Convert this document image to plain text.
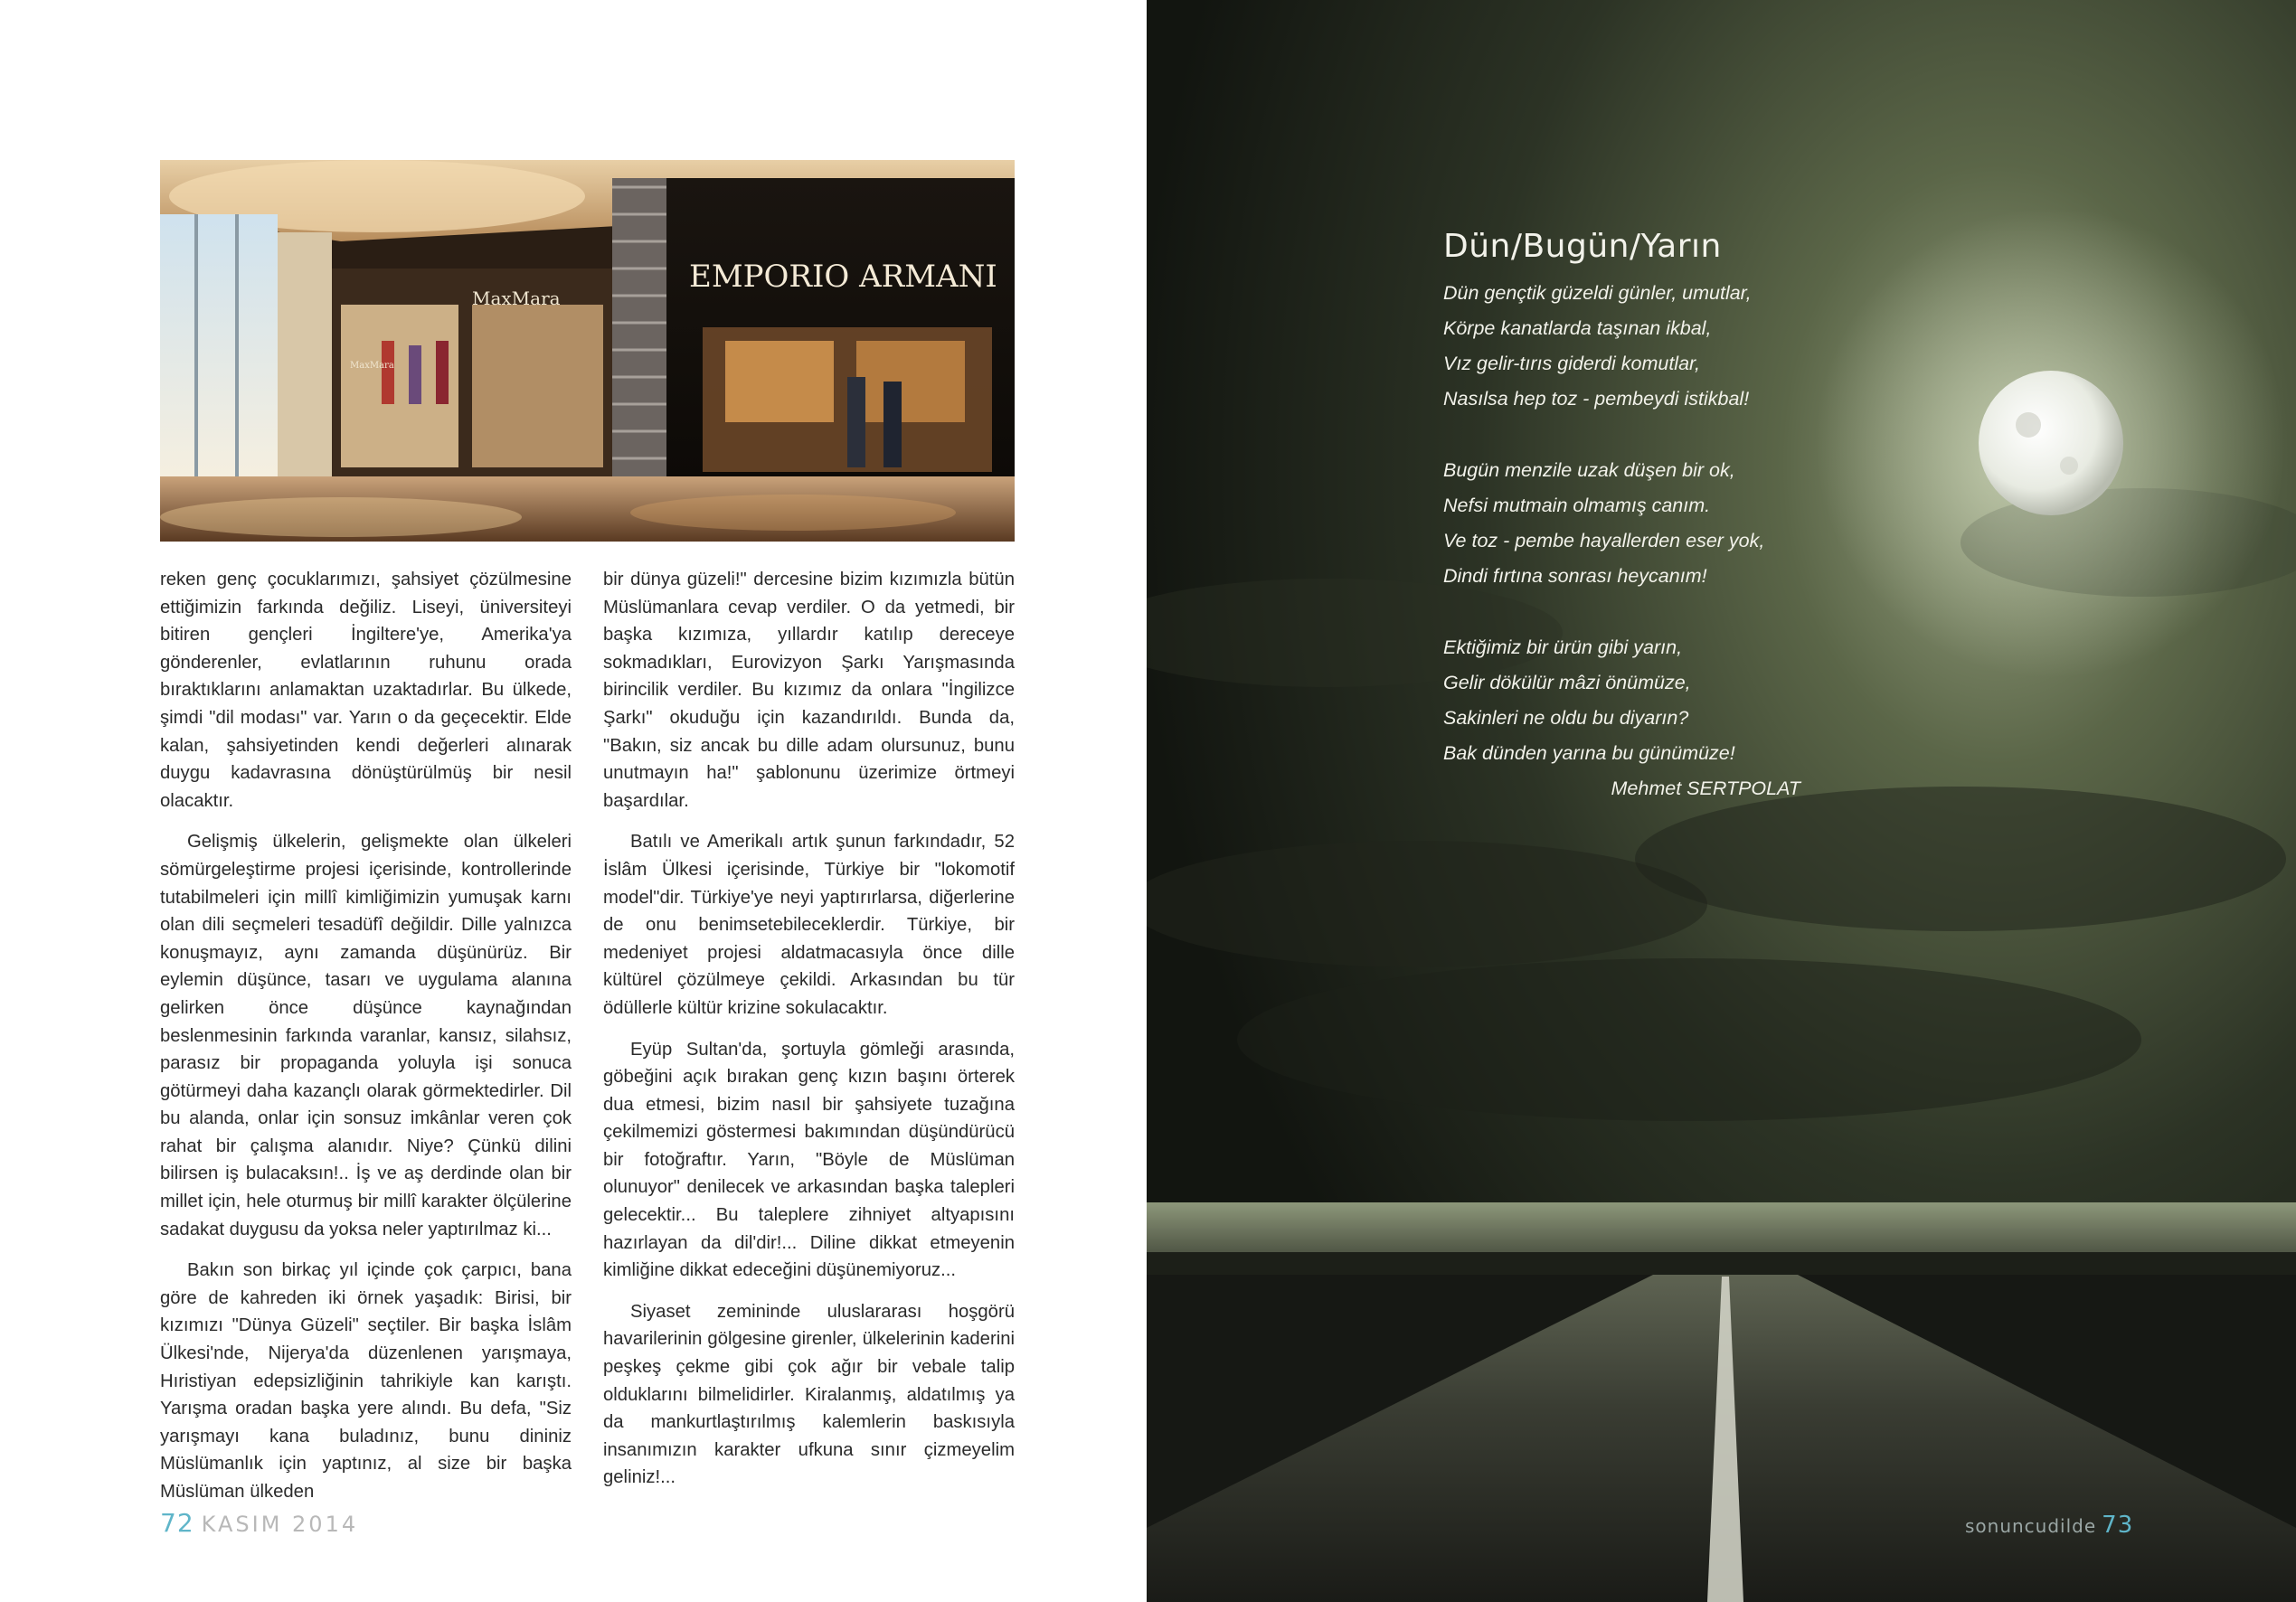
MaxMara
MaxMara
EMPORIO ARMANI

reken genç çocuklarımızı, şahsiyet çözülmesine ettiğimizin farkında değiliz. Liseyi, üniversiteyi bitiren gençleri İngiltere'ye, Amerika'ya gönderenler, evlatlarının ruhunu orada bıraktıklarını anlamaktan uzaktadırlar. Bu ülkede, şimdi "dil modası" var. Yarın o da geçecektir. Elde kalan, şahsiyetinden kendi değerleri alınarak duygu kadavrasına dönüştürülmüş bir nesil olacaktır.

Gelişmiş ülkelerin, gelişmekte olan ülkeleri sömürgeleştirme projesi içerisinde, kontrollerinde tutabilmeleri için millî kimliğimizin yumuşak karnı olan dili seçmeleri tesadüfî değildir. Dille yalnızca konuşmayız, aynı zamanda düşünürüz. Bir eylemin düşünce, tasarı ve uygulama alanına gelirken önce düşünce kaynağından beslenmesinin farkında varanlar, kansız, silahsız, parasız bir propaganda yoluyla işi sonuca götürmeyi daha kazançlı olarak görmektedirler. Dil bu alanda, onlar için sonsuz imkânlar veren çok rahat bir çalışma alanıdır. Niye? Çünkü dilini bilirsen iş bulacaksın!.. İş ve aş derdinde olan bir millet için, hele oturmuş bir millî karakter ölçülerine sadakat duygusu da yoksa neler yaptırılmaz ki...

Bakın son birkaç yıl içinde çok çarpıcı, bana göre de kahreden iki örnek yaşadık: Birisi, bir kızımızı "Dünya Güzeli" seçtiler. Bir başka İslâm Ülkesi'nde, Nijerya'da düzenlenen yarışmaya, Hıristiyan edepsizliğinin tahrikiyle kan karıştı. Yarışma oradan başka yere alındı. Bu defa, "Siz yarışmayı kana buladınız, bunu dininiz Müslümanlık için yaptınız, al size bir başka Müslüman ülkeden

bir dünya güzeli!" dercesine bizim kızımızla bütün Müslümanlara cevap verdiler. O da yetmedi, bir başka kızımıza, yıllardır katılıp dereceye sokmadıkları, Eurovizyon Şarkı Yarışmasında birincilik verdiler. Bu kızımız da onlara "İngilizce Şarkı" okuduğu için kazandırıldı. Bunda da, "Bakın, siz ancak bu dille adam olursunuz, bunu unutmayın ha!" şablonunu üzerimize örtmeyi başardılar.

Batılı ve Amerikalı artık şunun farkındadır, 52 İslâm Ülkesi içerisinde, Türkiye bir "lokomotif model"dir. Türkiye'ye neyi yaptırırlarsa, diğerlerine de onu benimsetebileceklerdir. Türkiye, bir medeniyet projesi aldatmacasıyla önce dille kültürel çözülmeye çekildi. Arkasından bu tür ödüllerle kültür krizine sokulacaktır.

Eyüp Sultan'da, şortuyla gömleği arasında, göbeğini açık bırakan genç kızın başını örterek dua etmesi, bizim nasıl bir şahsiyete tuzağına çekilmemizi göstermesi bakımından düşündürücü bir fotoğraftır. Yarın, "Böyle de Müslüman olunuyor" denilecek ve arkasından başka talepleri gelecektir... Bu taleplere zihniyet altyapısını hazırlayan da dil'dir!... Diline dikkat etmeyenin kimliğine dikkat edeceğini düşünemiyoruz...

Siyaset zemininde uluslararası hoşgörü havarilerinin gölgesine girenler, ülkelerinin kaderini peşkeş çekme gibi çok ağır bir vebale talip olduklarını bilmelidirler. Kiralanmış, aldatılmış ya da mankurtlaştırılmış kalemlerin baskısıyla insanımızın karakter ufkuna sınır çizmeyelim geliniz!...

72 KASIM 2014
Dün/Bugün/Yarın
Dün gençtik güzeldi günler, umutlar,
Körpe kanatlarda taşınan ikbal,
Vız gelir-tırıs giderdi komutlar,
Nasılsa hep toz - pembeydi istikbal!
Bugün menzile uzak düşen bir ok,
Nefsi mutmain olmamış canım.
Ve toz - pembe hayallerden eser yok,
Dindi fırtına sonrası heycanım!
Ektiğimiz bir ürün gibi yarın,
Gelir dökülür mâzi önümüze,
Sakinleri ne oldu bu diyarın?
Bak dünden yarına bu günümüze!
Mehmet SERTPOLAT
sonuncudilde 73
